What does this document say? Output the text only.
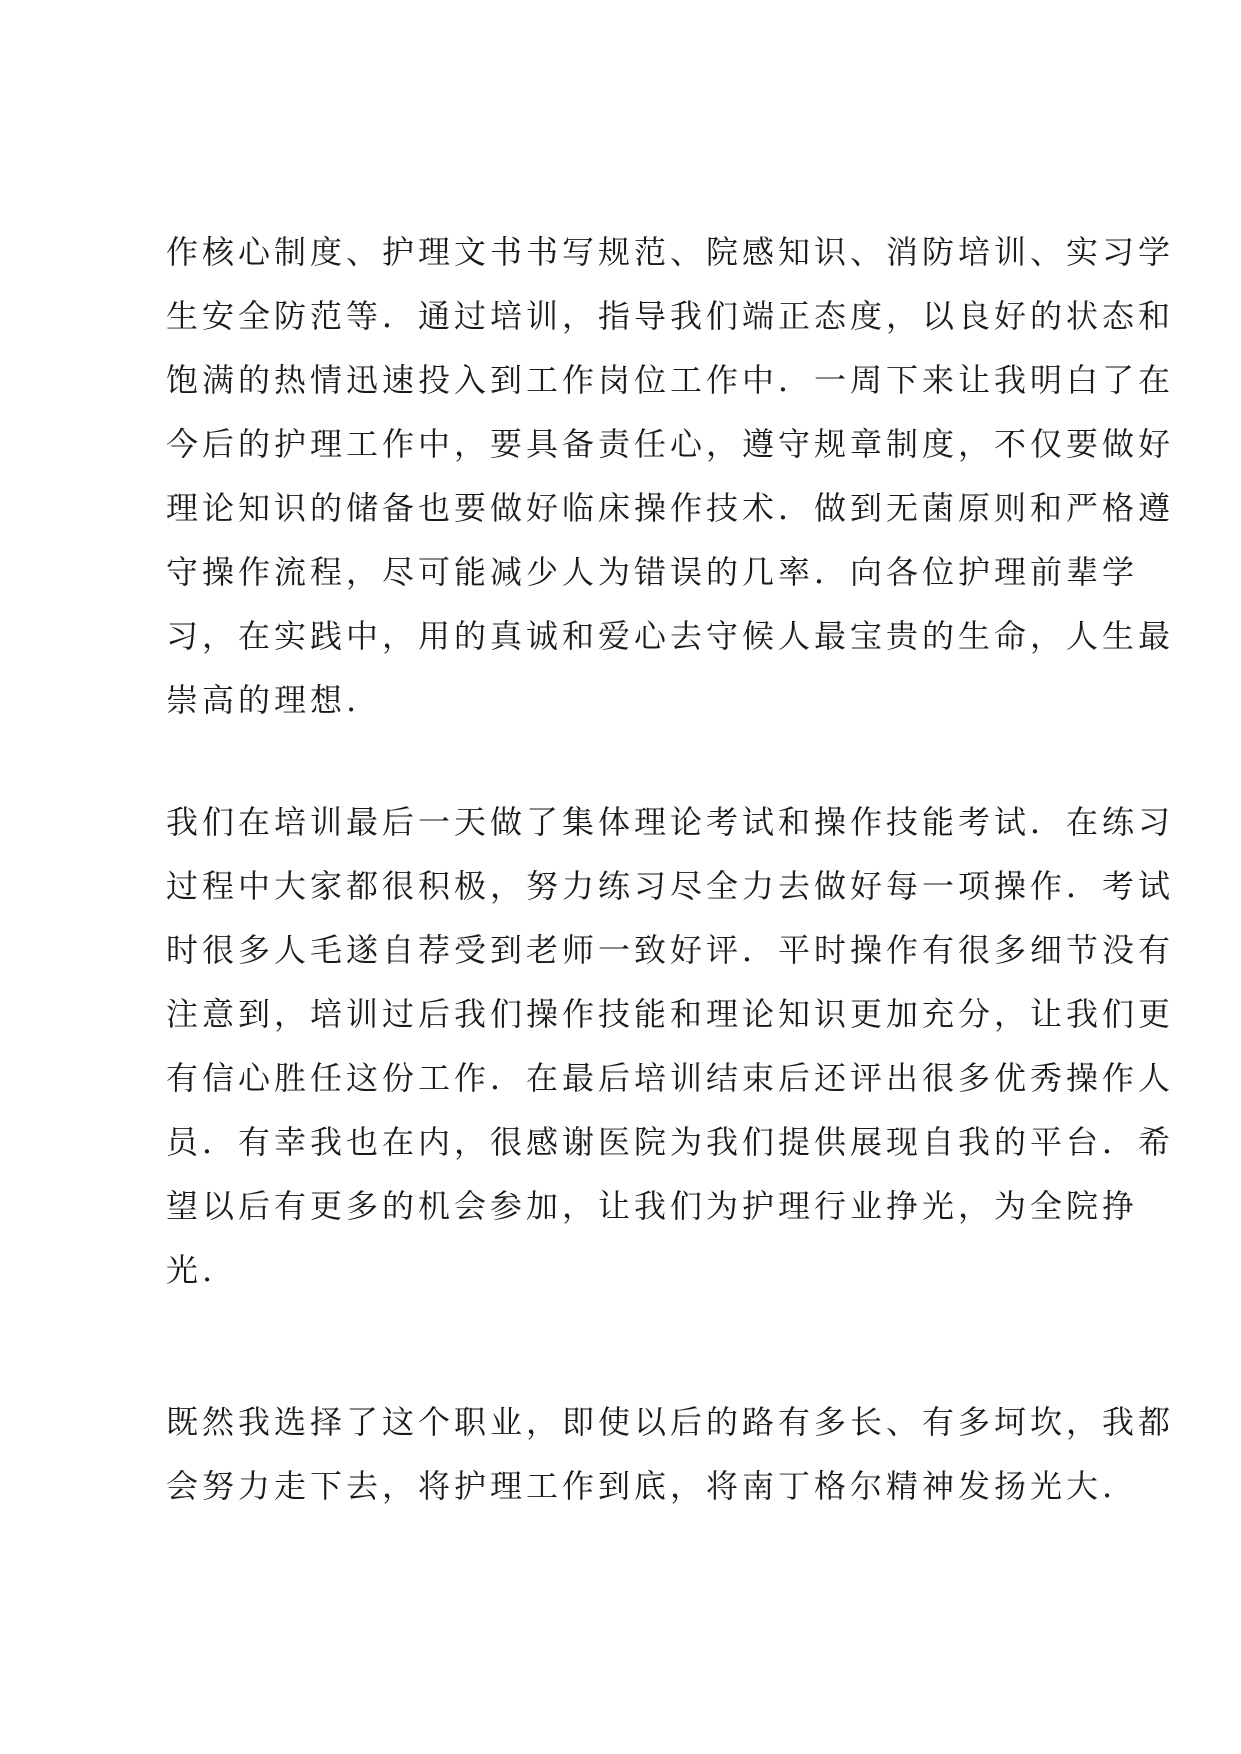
作核心制度、护理文书书写规范、院感知识、消防培训、实习学
生安全防范等．通过培训，指导我们端正态度，以良好的状态和
饱满的热情迅速投入到工作岗位工作中．一周下来让我明白了在
今后的护理工作中，要具备责任心，遵守规章制度，不仅要做好
理论知识的储备也要做好临床操作技术．做到无菌原则和严格遵
守操作流程，尽可能减少人为错误的几率．向各位护理前辈学
习，在实践中，用的真诚和爱心去守候人最宝贵的生命，人生最
崇高的理想.
我们在培训最后一天做了集体理论考试和操作技能考试．在练习
过程中大家都很积极，努力练习尽全力去做好每一项操作．考试
时很多人毛遂自荐受到老师一致好评．平时操作有很多细节没有
注意到，培训过后我们操作技能和理论知识更加充分，让我们更
有信心胜任这份工作．在最后培训结束后还评出很多优秀操作人
员．有幸我也在内，很感谢医院为我们提供展现自我的平台．希
望以后有更多的机会参加，让我们为护理行业挣光，为全院挣
光.
既然我选择了这个职业，即使以后的路有多长、有多坷坎，我都
会努力走下去，将护理工作到底，将南丁格尔精神发扬光大.
